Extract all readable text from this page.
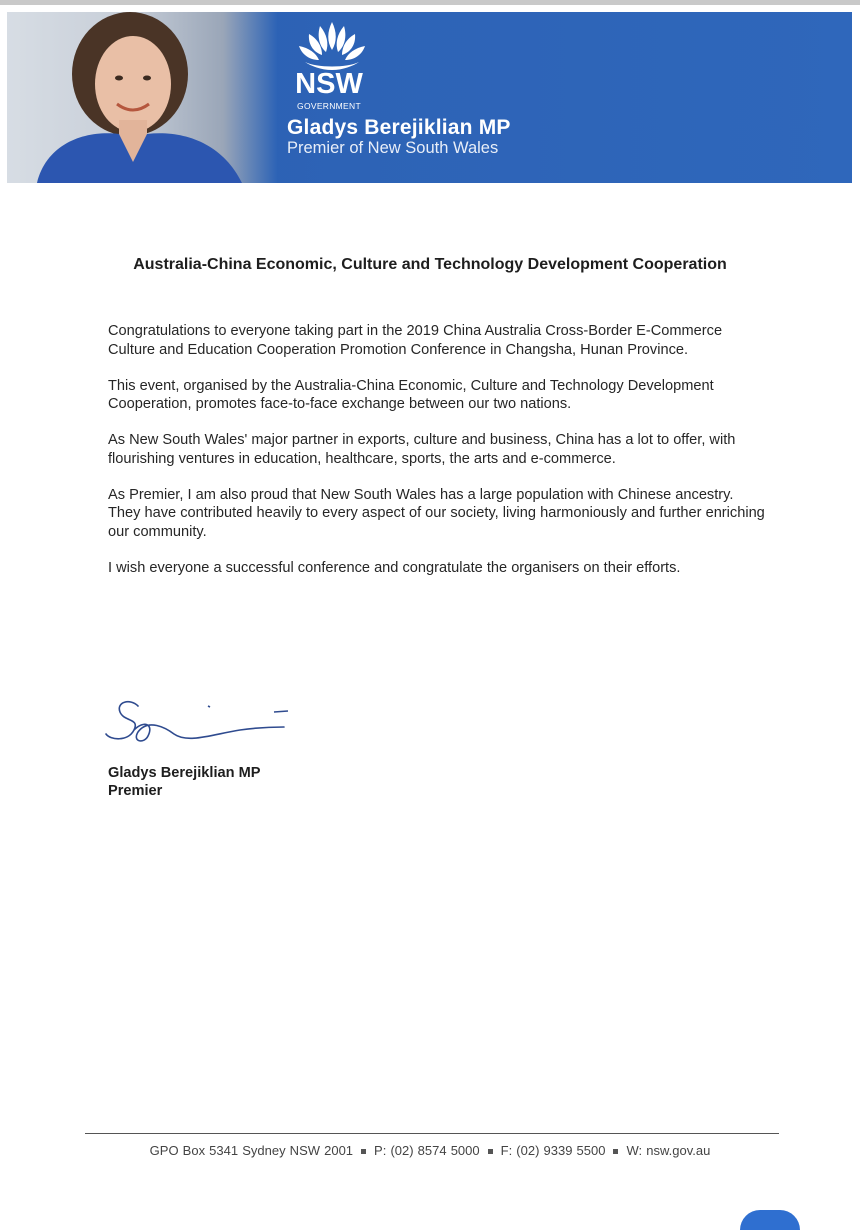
NSW
GOVERNMENT
Gladys Berejiklian MP
Premier of New South Wales
Australia-China Economic, Culture and Technology Development Cooperation

Congratulations to everyone taking part in the 2019 China Australia Cross-Border E-Commerce Culture and Education Cooperation Promotion Conference in Changsha, Hunan Province.

This event, organised by the Australia-China Economic, Culture and Technology Development Cooperation, promotes face-to-face exchange between our two nations.

As New South Wales' major partner in exports, culture and business, China has a lot to offer, with flourishing ventures in education, healthcare, sports, the arts and e-commerce.

As Premier, I am also proud that New South Wales has a large population with Chinese ancestry. They have contributed heavily to every aspect of our society, living harmoniously and further enriching our community.

I wish everyone a successful conference and congratulate the organisers on their efforts.

Gladys Berejiklian MP
Premier
GPO Box 5341 Sydney NSW 2001 P: (02) 8574 5000 F: (02) 9339 5500 W: nsw.gov.au
